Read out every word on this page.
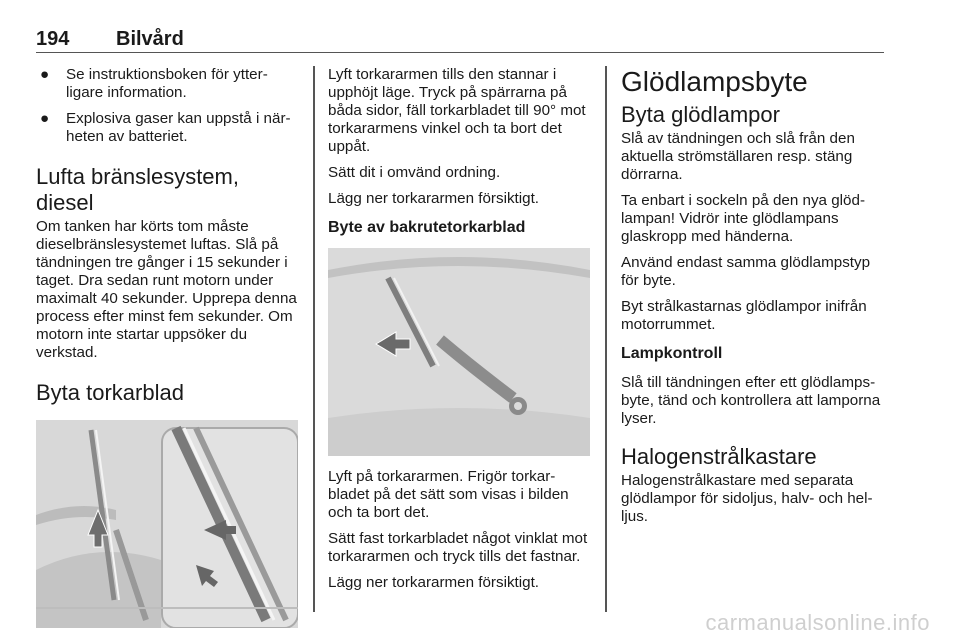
194 Bilvård
● Se instruktionsboken för ytterligare information.
● Explosiva gaser kan uppstå i närheten av batteriet.
Lufta bränslesystem, diesel

Om tanken har körts tom måste dieselbränslesystemet luftas. Slå på tändningen tre gånger i 15 sekunder i taget. Dra sedan runt motorn under maximalt 40 sekunder. Upprepa denna process efter minst fem sekunder. Om motorn inte startar uppsöker du verkstad.

Byta torkarblad

Lyft torkararmen tills den stannar i upphöjt läge. Tryck på spärrarna på båda sidor, fäll torkarbladet till 90° mot torkararmens vinkel och ta bort det uppåt.

Sätt dit i omvänd ordning.

Lägg ner torkararmen försiktigt.

Byte av bakrutetorkarblad

Lyft på torkararmen. Frigör torkarbladet på det sätt som visas i bilden och ta bort det.

Sätt fast torkarbladet något vinklat mot torkararmen och tryck tills det fastnar.

Lägg ner torkararmen försiktigt.

Glödlampsbyte
Byta glödlampor

Slå av tändningen och slå från den aktuella strömställaren resp. stäng dörrarna.

Ta enbart i sockeln på den nya glödlampan! Vidrör inte glödlampans glaskropp med händerna.

Använd endast samma glödlampstyp för byte.

Byt strålkastarnas glödlampor inifrån motorrummet.

Lampkontroll

Slå till tändningen efter ett glödlampsbyte, tänd och kontrollera att lamporna lyser.

Halogenstrålkastare

Halogenstrålkastare med separata glödlampor för sidoljus, halv- och helljus.

carmanualsonline.info
